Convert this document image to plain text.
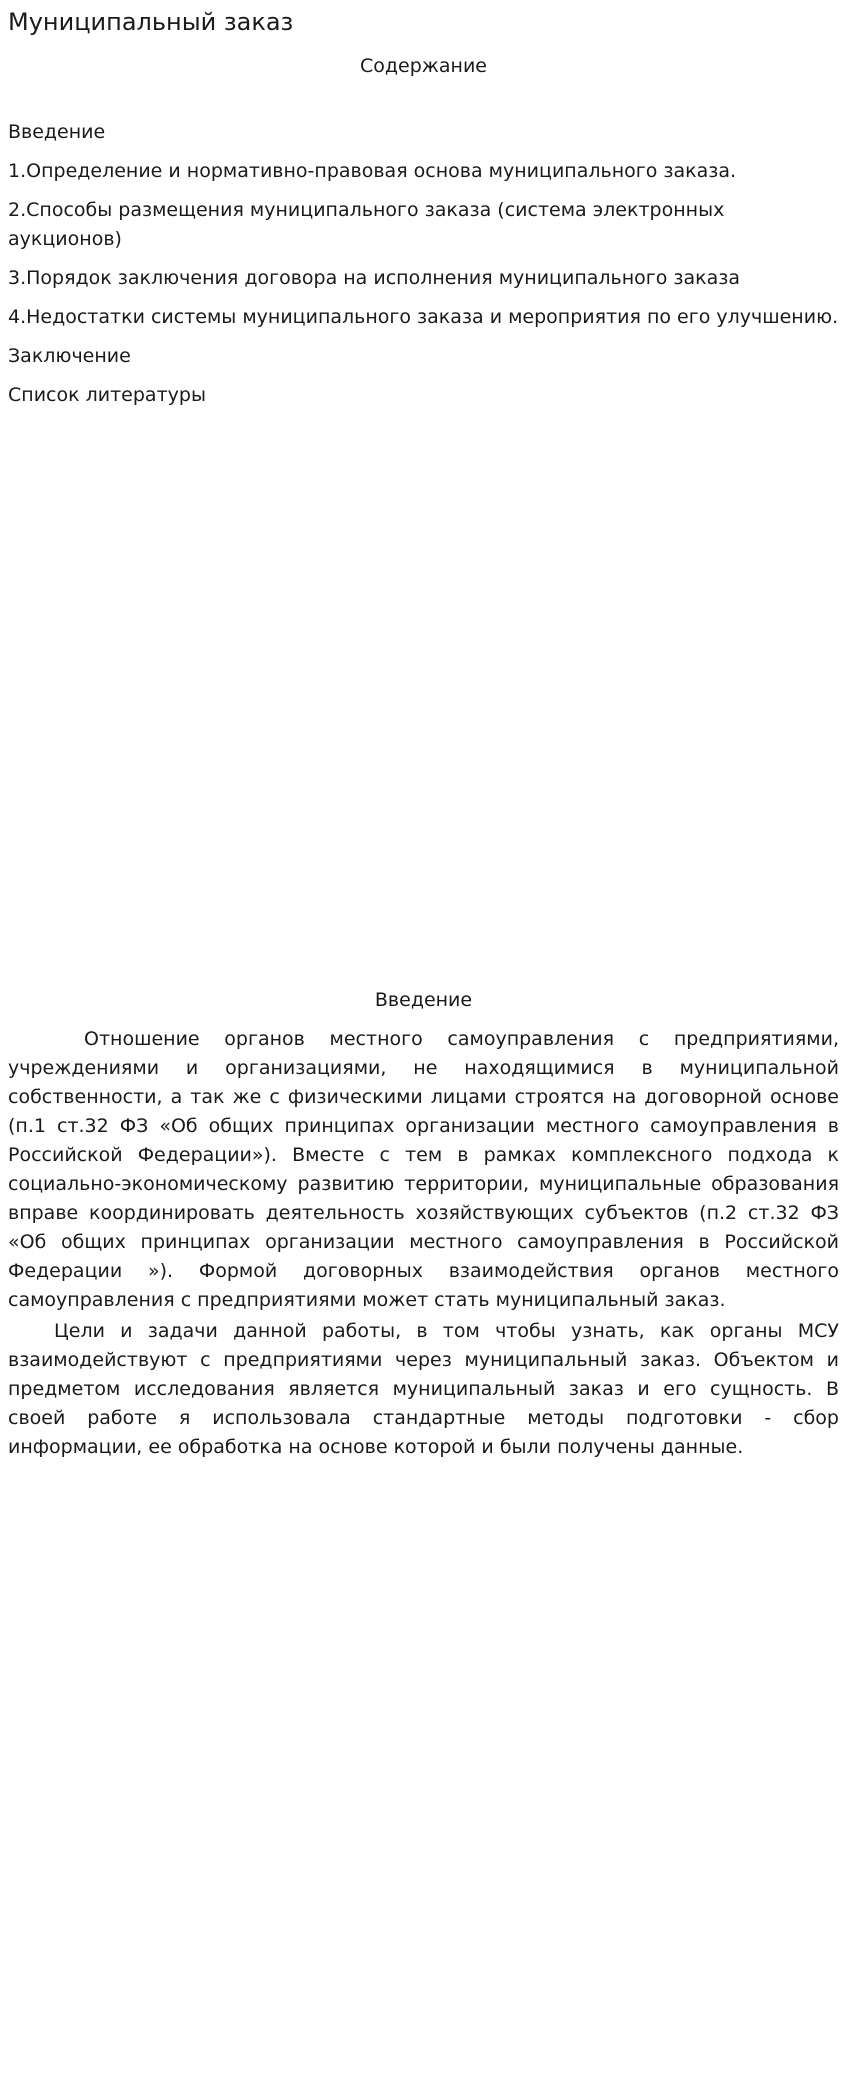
Муниципальный заказ
Содержание
Введение
1.Определение и нормативно-правовая основа муниципального заказа.
2.Способы размещения муниципального заказа (система электронных аукционов)
3.Порядок заключения договора на исполнения муниципального заказа
4.Недостатки системы муниципального заказа и мероприятия по его улучшению.
Заключение
Список литературы
Введение

Отношение органов местного самоуправления с предприятиями, учреждениями и организациями, не находящимися в муниципальной собственности, а так же с физическими лицами строятся на договорной основе (п.1 ст.32 ФЗ «Об общих принципах организации местного самоуправления в Российской Федерации»). Вместе с тем в рамках комплексного подхода к социально-экономическому развитию территории, муниципальные образования вправе координировать деятельность хозяйствующих субъектов (п.2 ст.32 ФЗ «Об общих принципах организации местного самоуправления в Российской Федерации »). Формой договорных взаимодействия органов местного самоуправления с предприятиями может стать муниципальный заказ.

Цели и задачи данной работы, в том чтобы узнать, как органы МСУ взаимодействуют с предприятиями через муниципальный заказ. Объектом и предметом исследования является муниципальный заказ и его сущность. В своей работе я использовала стандартные методы подготовки - сбор информации, ее обработка на основе которой и были получены данные.
